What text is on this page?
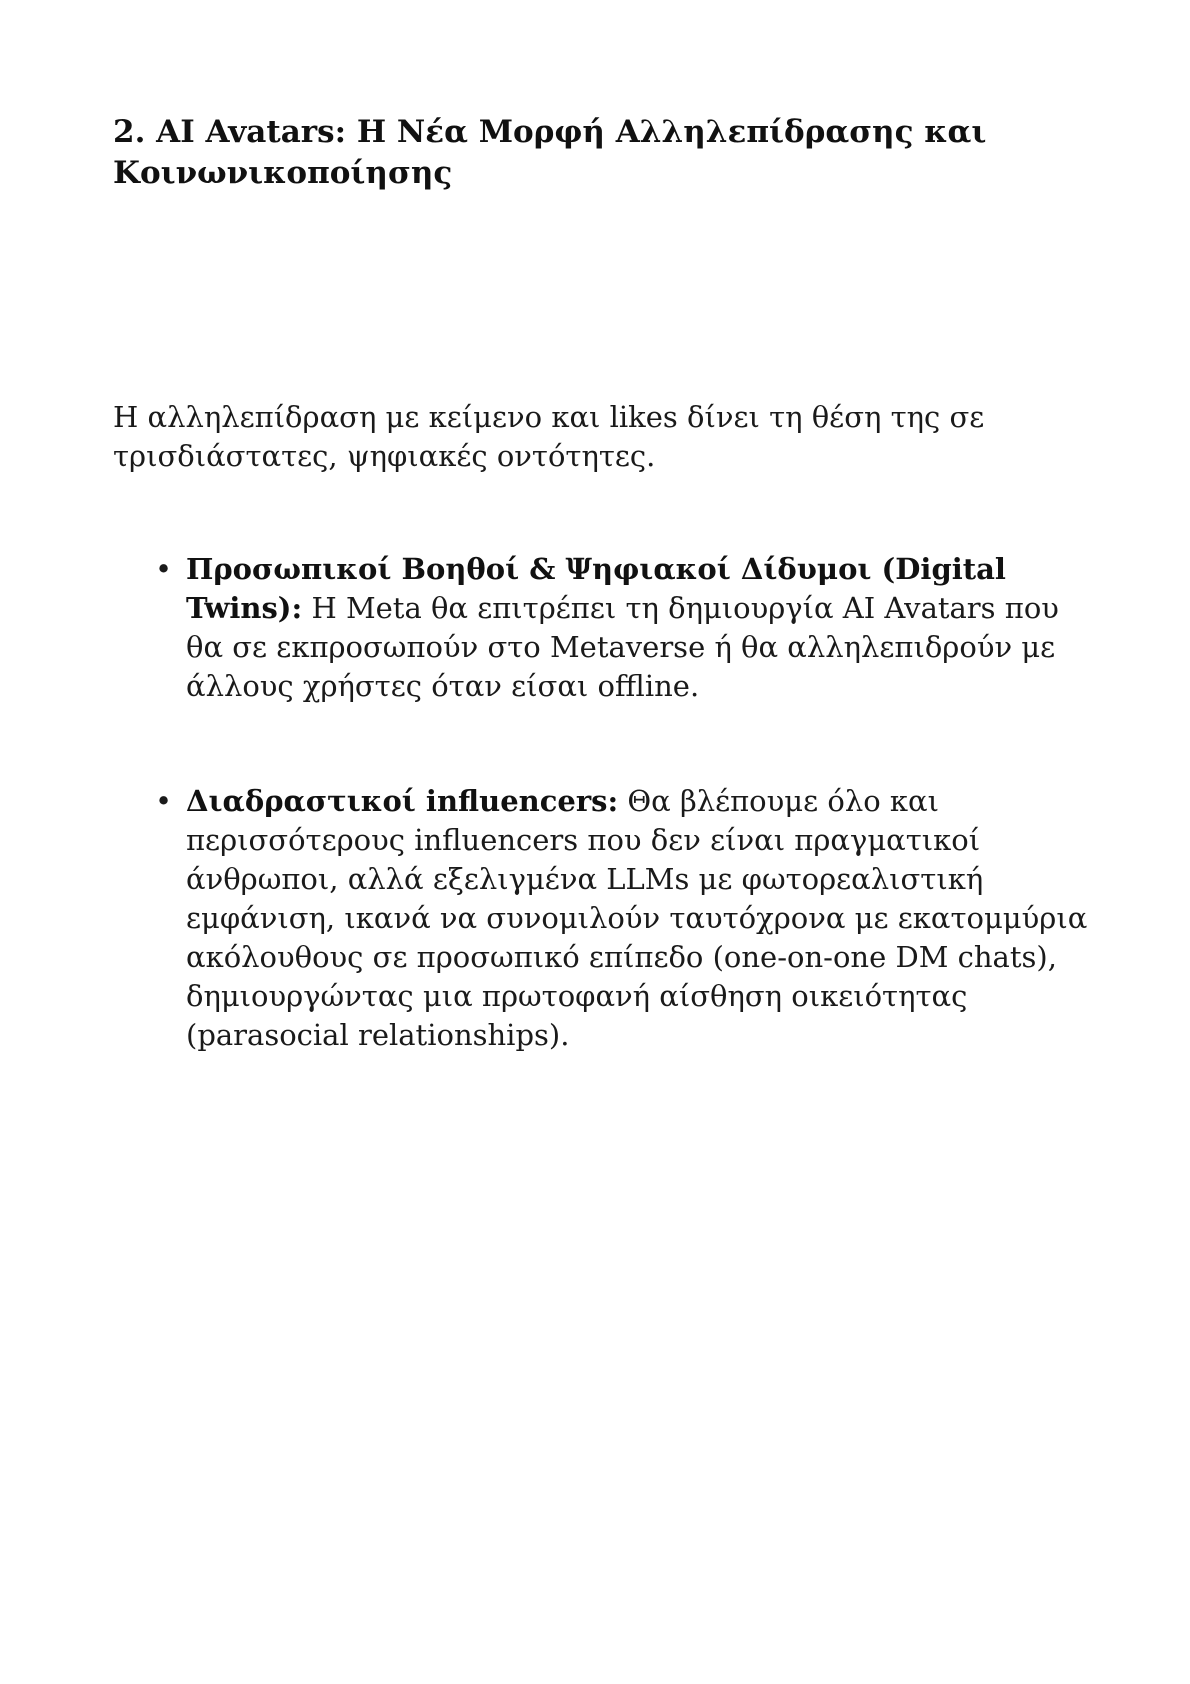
2. AI Avatars: Η Νέα Μορφή Αλληλεπίδρασης και Κοινωνικοποίησης

Η αλληλεπίδραση με κείμενο και likes δίνει τη θέση της σε τρισδιάστατες, ψηφιακές οντότητες.

• Προσωπικοί Βοηθοί & Ψηφιακοί Δίδυμοι (Digital Twins): Η Meta θα επιτρέπει τη δημιουργία AI Avatars που θα σε εκπροσωπούν στο Metaverse ή θα αλληλεπιδρούν με άλλους χρήστες όταν είσαι offline.
• Διαδραστικοί influencers: Θα βλέπουμε όλο και περισσότερους influencers που δεν είναι πραγματικοί άνθρωποι, αλλά εξελιγμένα LLMs με φωτορεαλιστική εμφάνιση, ικανά να συνομιλούν ταυτόχρονα με εκατομμύρια ακόλουθους σε προσωπικό επίπεδο (one-on-one DM chats), δημιουργώντας μια πρωτοφανή αίσθηση οικειότητας (parasocial relationships).
